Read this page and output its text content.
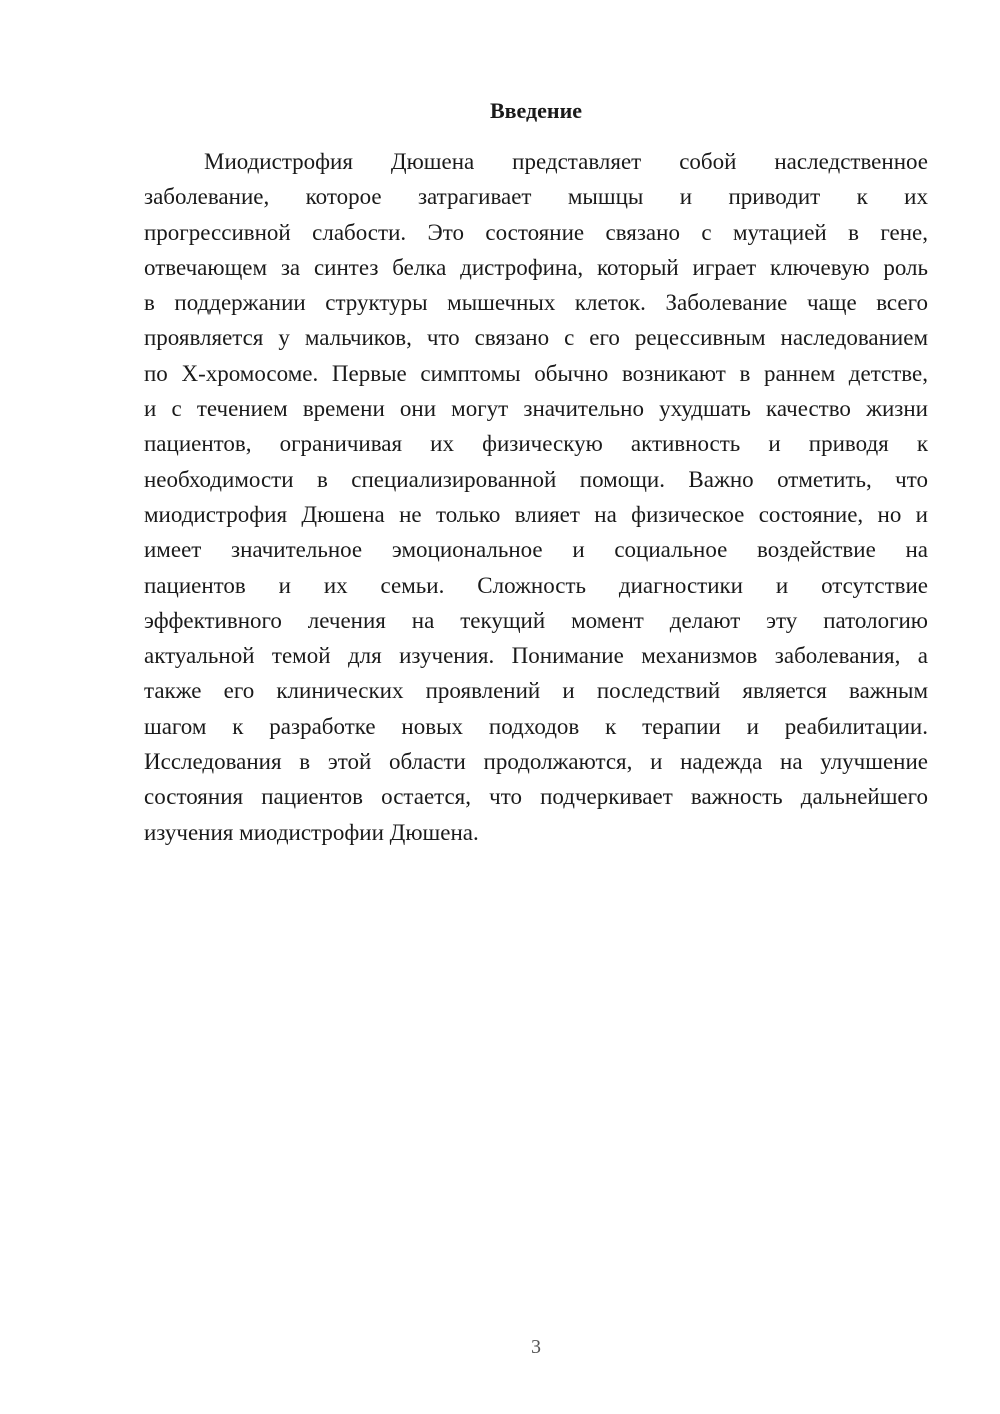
Введение
Миодистрофия Дюшена представляет собой наследственное
заболевание, которое затрагивает мышцы и приводит к их
прогрессивной слабости. Это состояние связано с мутацией в гене,
отвечающем за синтез белка дистрофина, который играет ключевую роль
в поддержании структуры мышечных клеток. Заболевание чаще всего
проявляется у мальчиков, что связано с его рецессивным наследованием
по X-хромосоме. Первые симптомы обычно возникают в раннем детстве,
и с течением времени они могут значительно ухудшать качество жизни
пациентов, ограничивая их физическую активность и приводя к
необходимости в специализированной помощи. Важно отметить, что
миодистрофия Дюшена не только влияет на физическое состояние, но и
имеет значительное эмоциональное и социальное воздействие на
пациентов и их семьи. Сложность диагностики и отсутствие
эффективного лечения на текущий момент делают эту патологию
актуальной темой для изучения. Понимание механизмов заболевания, а
также его клинических проявлений и последствий является важным
шагом к разработке новых подходов к терапии и реабилитации.
Исследования в этой области продолжаются, и надежда на улучшение
состояния пациентов остается, что подчеркивает важность дальнейшего
изучения миодистрофии Дюшена.
3
